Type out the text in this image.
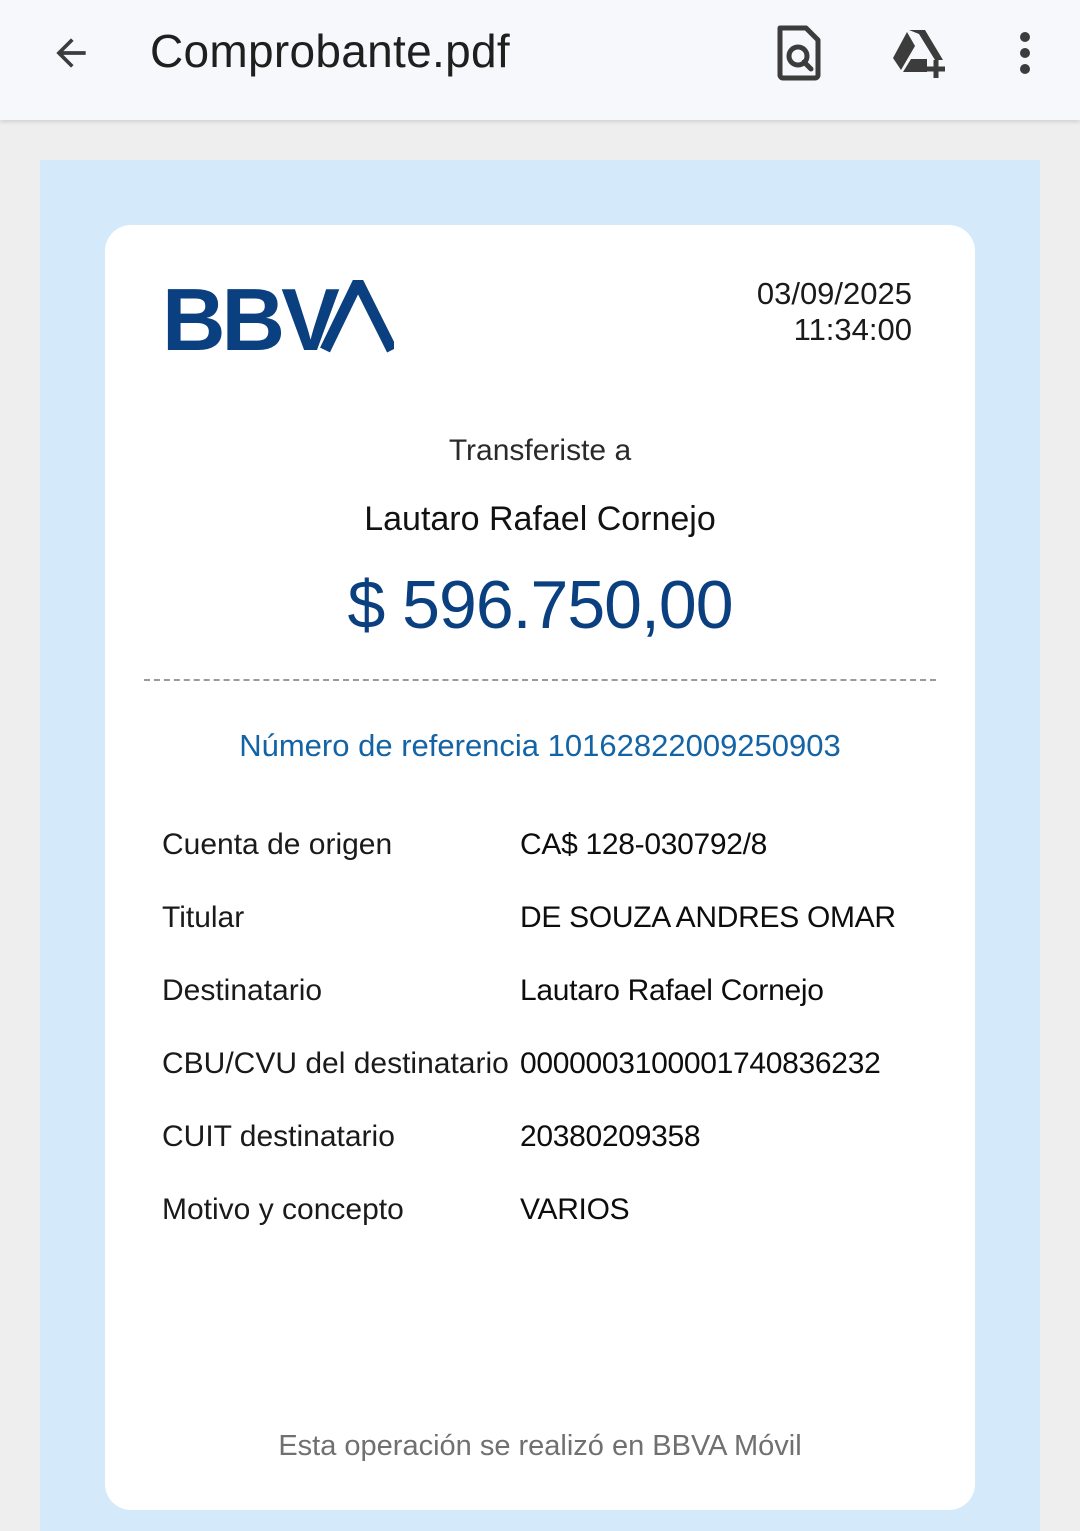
Comprobante.pdf
BBV	03/09/2025
11:34:00
Transferiste a
Lautaro Rafael Cornejo
$ 596.750,00
Número de referencia 10162822009250903
Cuenta de origen	CA$ 128-030792/8
Titular	DE SOUZA ANDRES OMAR
Destinatario	Lautaro Rafael Cornejo
CBU/CVU del destinatario 0000003100001740836232
CUIT destinatario	20380209358
Motivo y concepto	VARIOS
Esta operación se realizó en BBVA Móvil
